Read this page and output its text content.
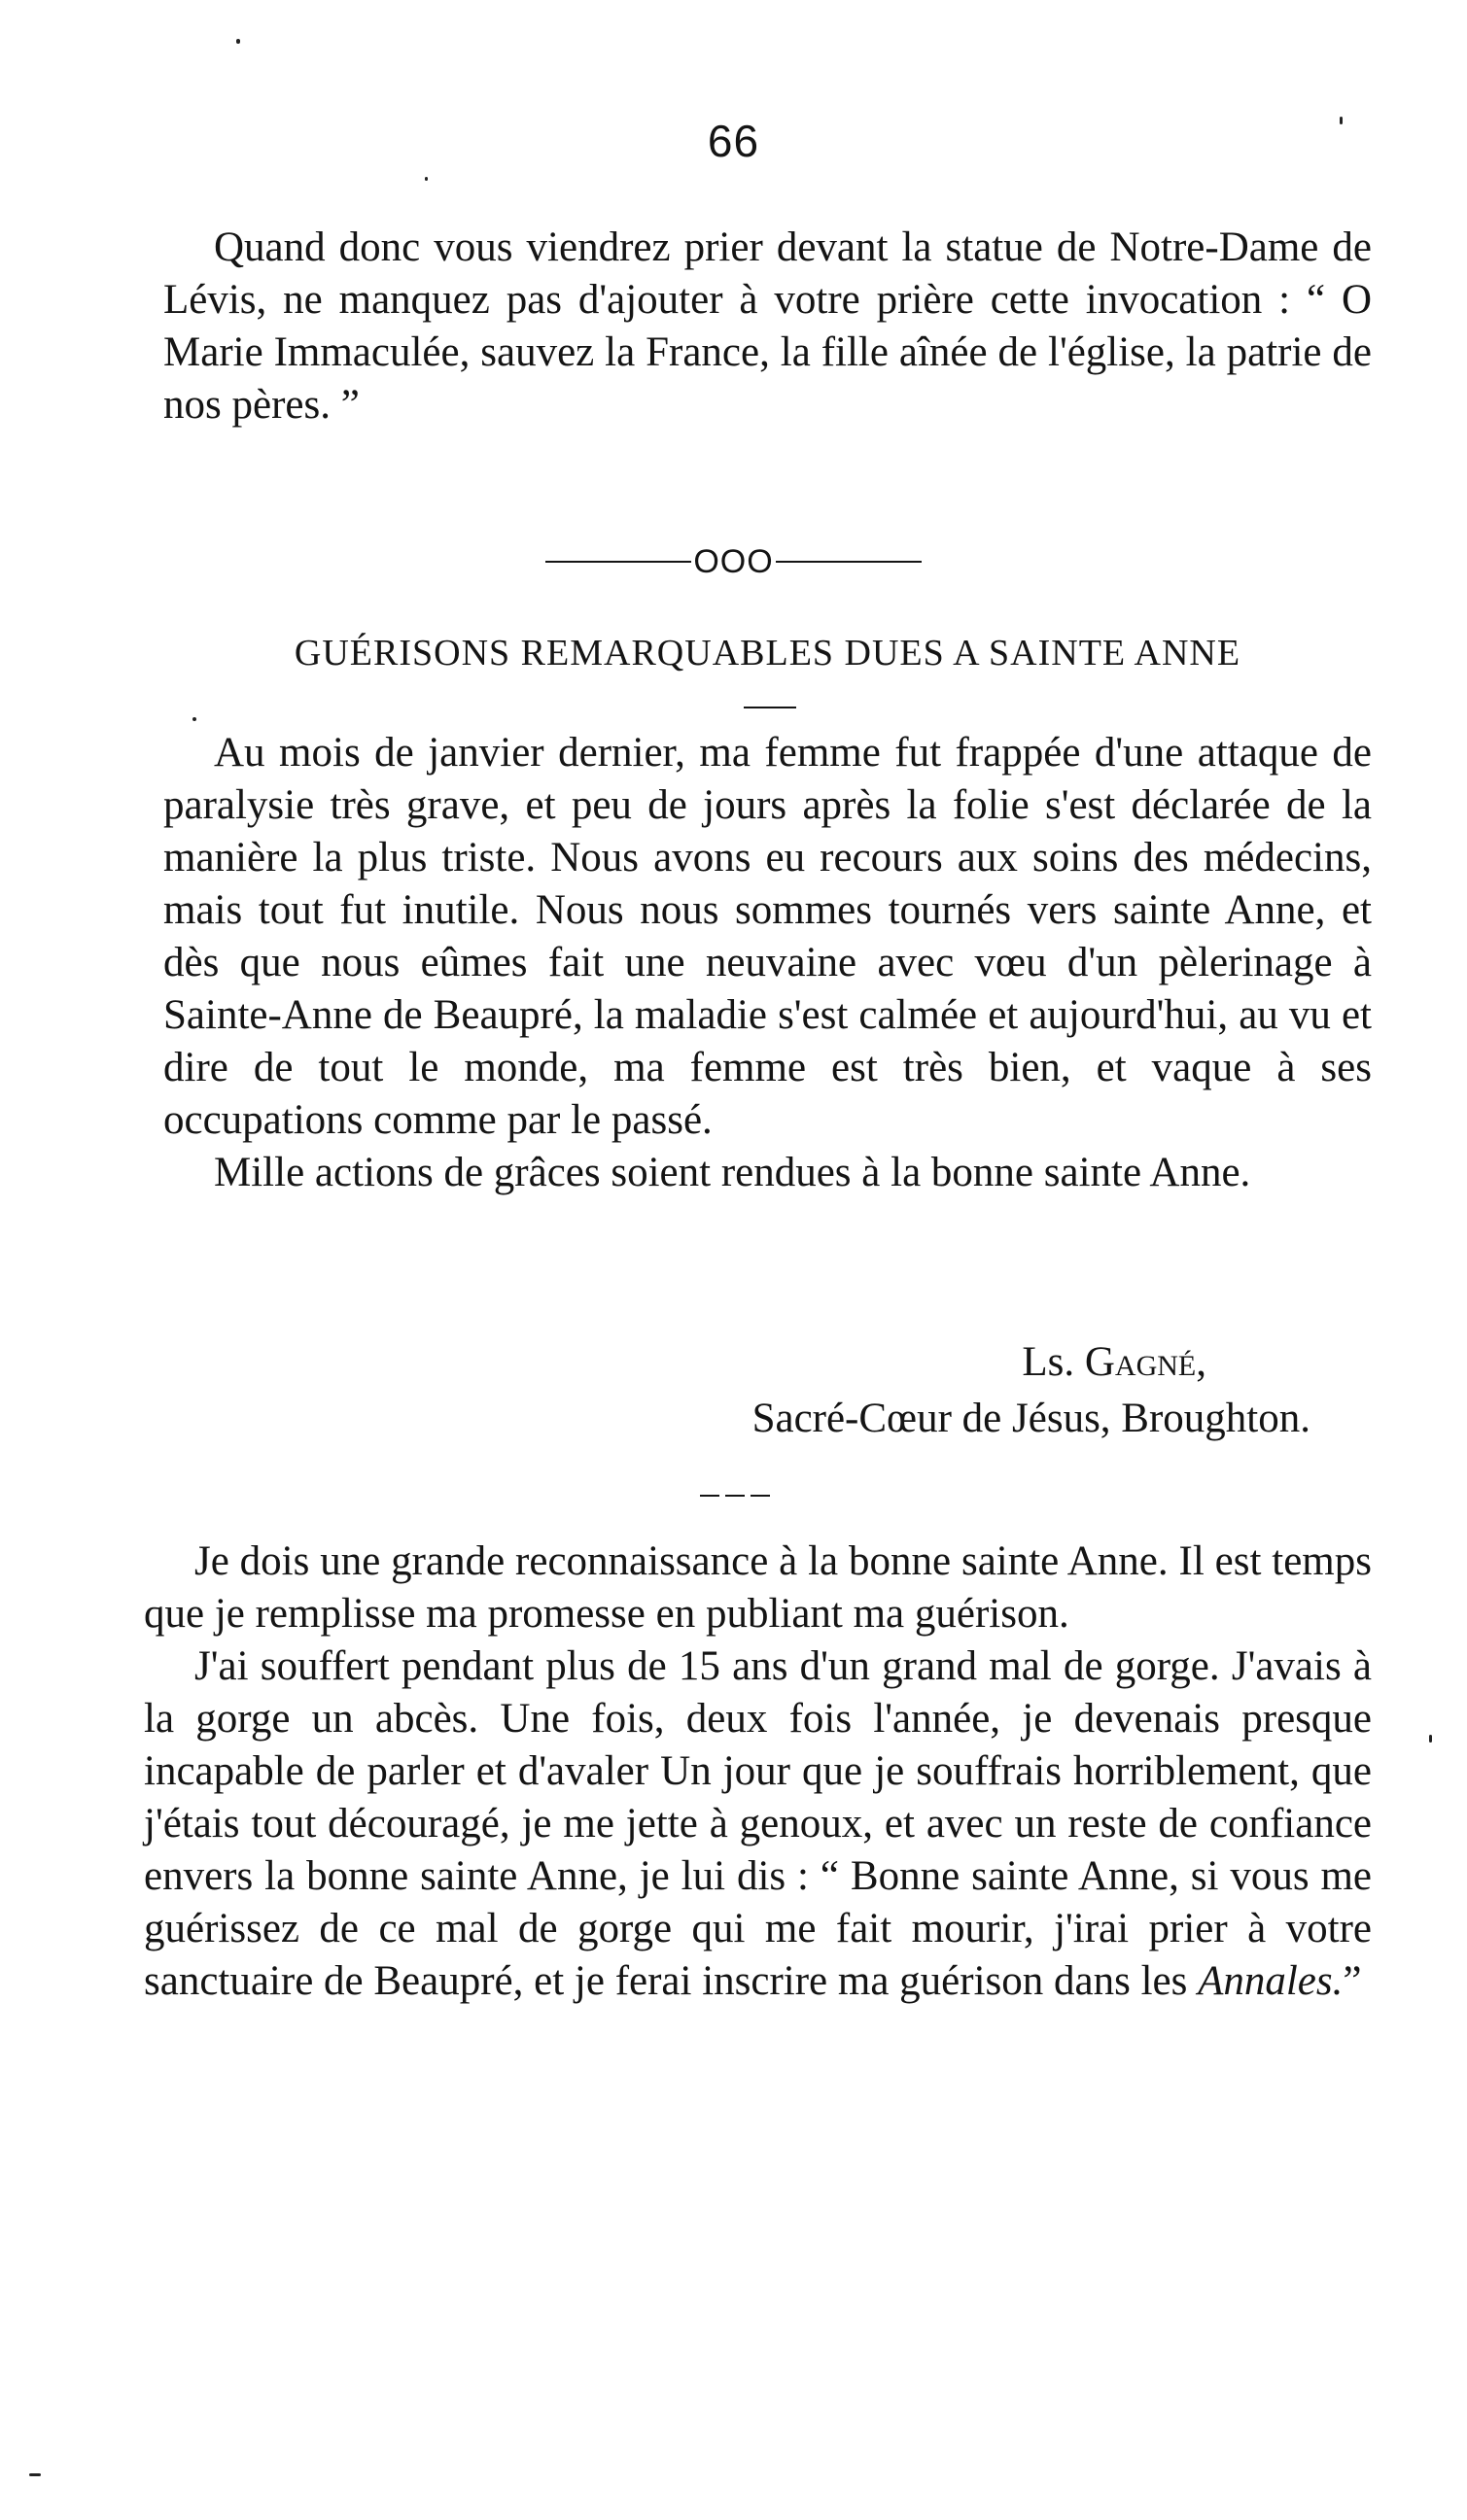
66

Quand donc vous viendrez prier devant la statue de Notre-Dame de Lévis, ne manquez pas d'ajouter à votre prière cette invocation : “ O Marie Immaculée, sauvez la France, la fille aînée de l'église, la patrie de nos pères. ”

OOO
GUÉRISONS REMARQUABLES DUES A SAINTE ANNE

Au mois de janvier dernier, ma femme fut frappée d'une attaque de paralysie très grave, et peu de jours après la folie s'est déclarée de la manière la plus triste. Nous avons eu recours aux soins des médecins, mais tout fut inutile. Nous nous sommes tournés vers sainte Anne, et dès que nous eûmes fait une neuvaine avec vœu d'un pèlerinage à Sainte-Anne de Beaupré, la maladie s'est calmée et aujourd'hui, au vu et dire de tout le monde, ma femme est très bien, et vaque à ses occupations comme par le passé.

Mille actions de grâces soient rendues à la bonne sainte Anne.

Ls. Gagné,
Sacré-Cœur de Jésus, Broughton.

Je dois une grande reconnaissance à la bonne sainte Anne. Il est temps que je remplisse ma promesse en publiant ma guérison.

J'ai souffert pendant plus de 15 ans d'un grand mal de gorge. J'avais à la gorge un abcès. Une fois, deux fois l'année, je devenais presque incapable de parler et d'avaler Un jour que je souffrais horriblement, que j'étais tout découragé, je me jette à genoux, et avec un reste de confiance envers la bonne sainte Anne, je lui dis : “ Bonne sainte Anne, si vous me guérissez de ce mal de gorge qui me fait mourir, j'irai prier à votre sanctuaire de Beaupré, et je ferai inscrire ma guérison dans les Annales.”
